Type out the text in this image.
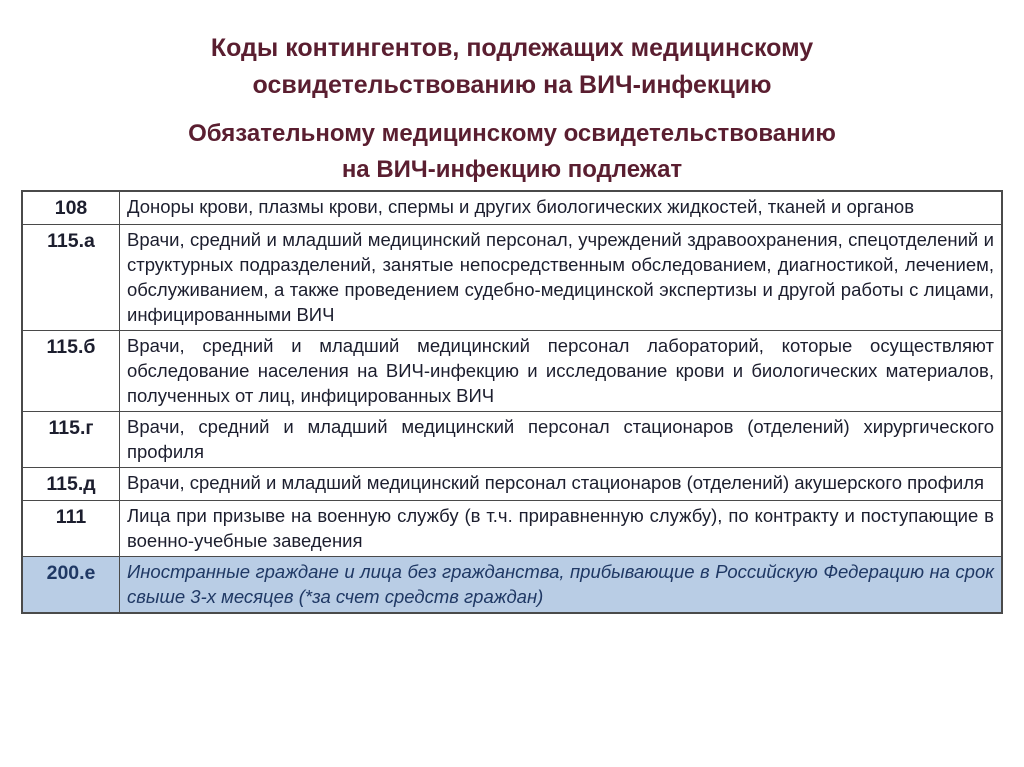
Коды контингентов, подлежащих медицинскому
освидетельствованию на ВИЧ-инфекцию
Обязательному медицинскому освидетельствованию
на ВИЧ-инфекцию подлежат
108	Доноры крови, плазмы крови, спермы и других биологических жидкостей, тканей и органов
115.а	Врачи, средний и младший медицинский персонал, учреждений здравоохранения, спецотделений и структурных подразделений, занятые непосредственным обследованием, диагностикой, лечением, обслуживанием, а также проведением судебно-медицинской экспертизы и другой работы с лицами, инфицированными ВИЧ
115.б	Врачи, средний и младший медицинский персонал лабораторий, которые осуществляют обследование населения на ВИЧ-инфекцию и исследование крови и биологических материалов, полученных от лиц, инфицированных ВИЧ
115.г	Врачи, средний и младший медицинский персонал стационаров (отделений) хирургического профиля
115.д	Врачи, средний и младший медицинский персонал стационаров (отделений) акушерского профиля
111	Лица при призыве на военную службу (в т.ч. приравненную службу), по контракту и поступающие в военно-учебные заведения
200.е	Иностранные граждане и лица без гражданства, прибывающие в Российскую Федерацию на срок свыше 3-х месяцев (*за счет средств граждан)
